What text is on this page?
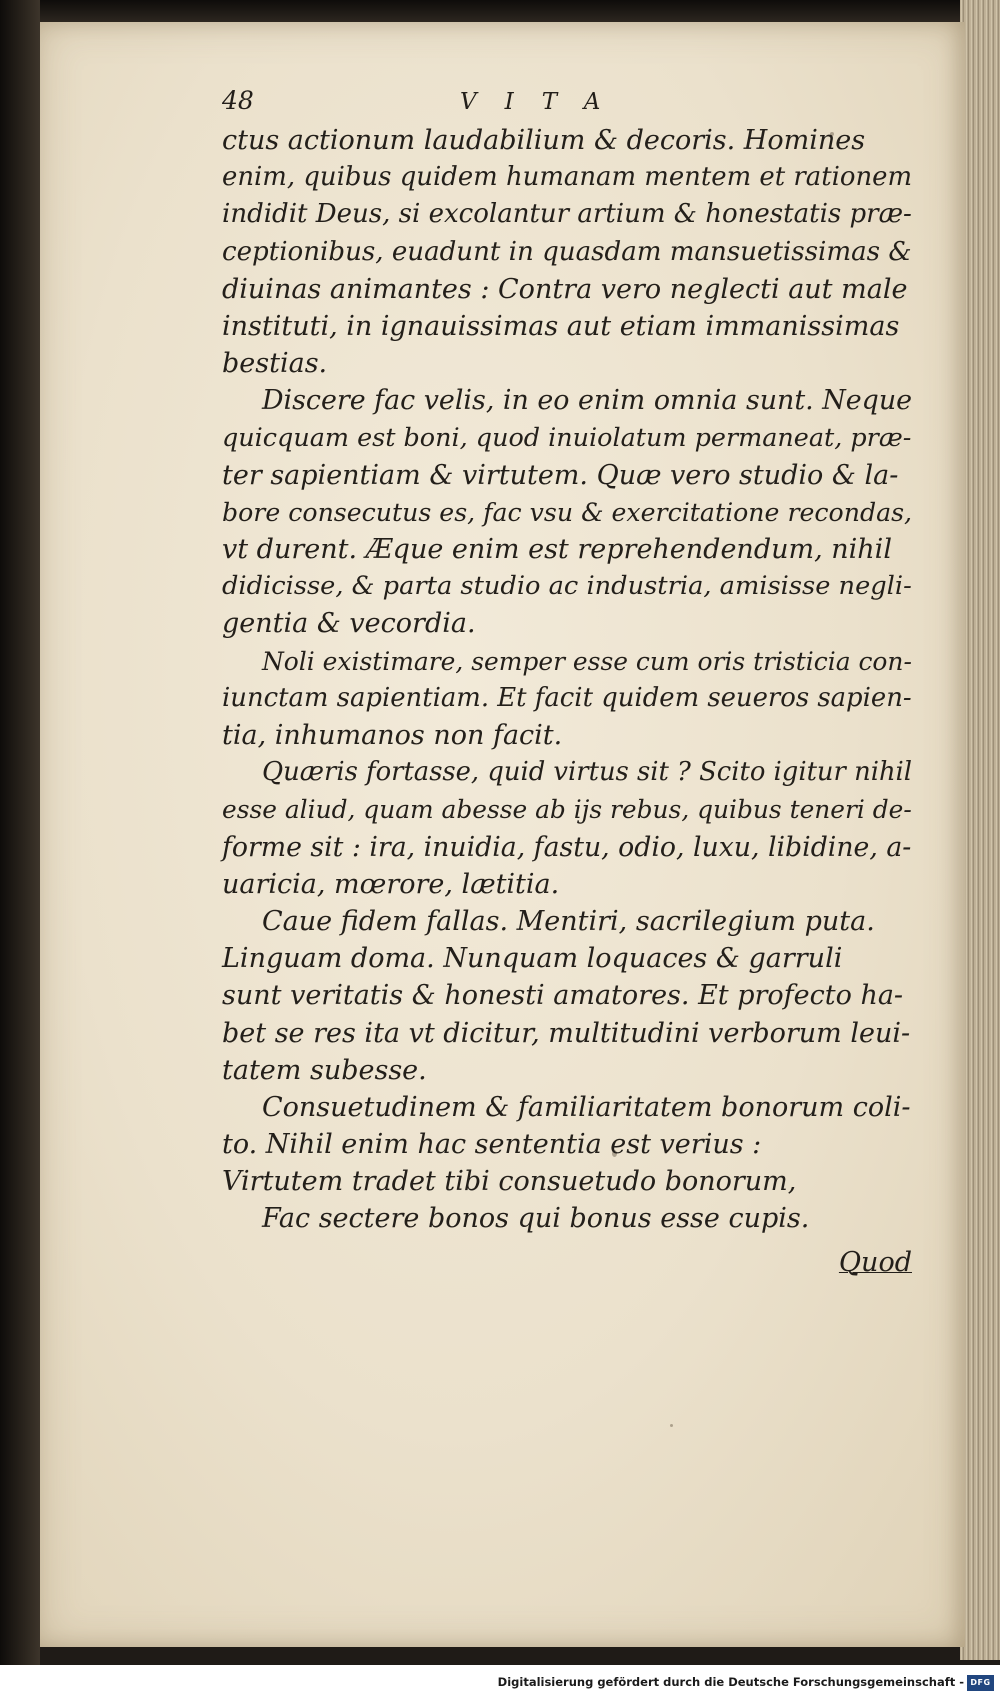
48	VITA
ctus actionum laudabilium & decoris. Homines
enim, quibus quidem humanam mentem et rationem
indidit Deus, si excolantur artium & honestatis præ-
ceptionibus, euadunt in quasdam mansuetissimas &
diuinas animantes : Contra vero neglecti aut male
instituti, in ignauissimas aut etiam immanissimas
bestias.
Discere fac velis, in eo enim omnia sunt. Neque
quicquam est boni, quod inuiolatum permaneat, præ-
ter sapientiam & virtutem. Quæ vero studio & la-
bore consecutus es, fac vsu & exercitatione recondas,
vt durent. Æque enim est reprehendendum, nihil
didicisse, & parta studio ac industria, amisisse negli-
gentia & vecordia.
Noli existimare, semper esse cum oris tristicia con-
iunctam sapientiam. Et facit quidem seueros sapien-
tia, inhumanos non facit.
Quæris fortasse, quid virtus sit ? Scito igitur nihil
esse aliud, quam abesse ab ijs rebus, quibus teneri de-
forme sit : ira, inuidia, fastu, odio, luxu, libidine, a-
uaricia, mœrore, lætitia.
Caue fidem fallas. Mentiri, sacrilegium puta.
Linguam doma. Nunquam loquaces & garruli
sunt veritatis & honesti amatores. Et profecto ha-
bet se res ita vt dicitur, multitudini verborum leui-
tatem subesse.
Consuetudinem & familiaritatem bonorum coli-
to. Nihil enim hac sententia est verius :
Virtutem tradet tibi consuetudo bonorum,
Fac sectere bonos qui bonus esse cupis.
Quod
Digitalisierung gefördert durch die Deutsche Forschungsgemeinschaft - DFG
